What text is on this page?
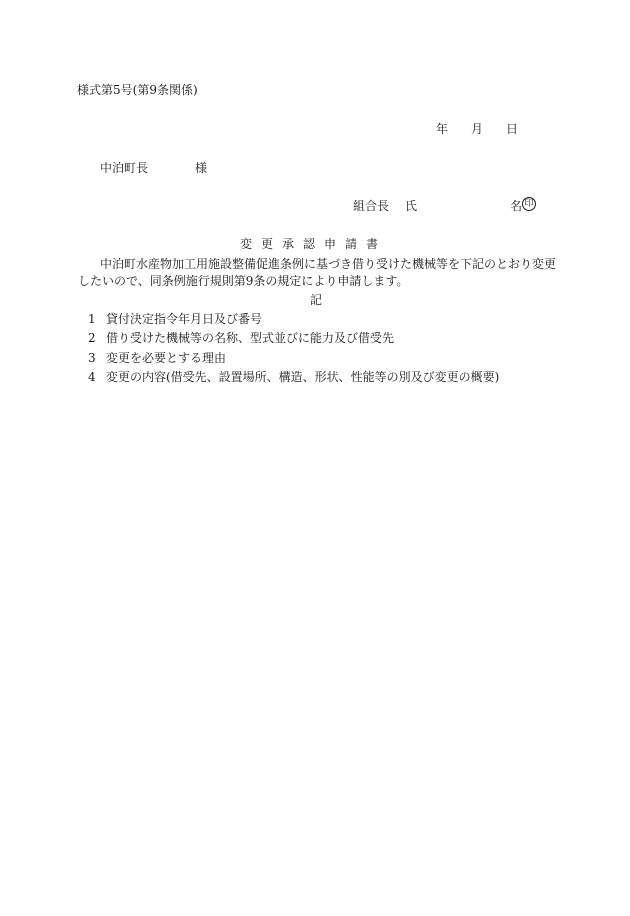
様式第5号(第9条関係)
年 月 日
中泊町長	様
組合長 氏	名 印
変更承認申請書
中泊町水産物加工用施設整備促進条例に基づき借り受けた機械等を下記のとおり変更
したいので、同条例施行規則第9条の規定により申請します。
記
1 貸付決定指令年月日及び番号
2 借り受けた機械等の名称、型式並びに能力及び借受先
3 変更を必要とする理由
4 変更の内容(借受先、設置場所、構造、形状、性能等の別及び変更の概要)
